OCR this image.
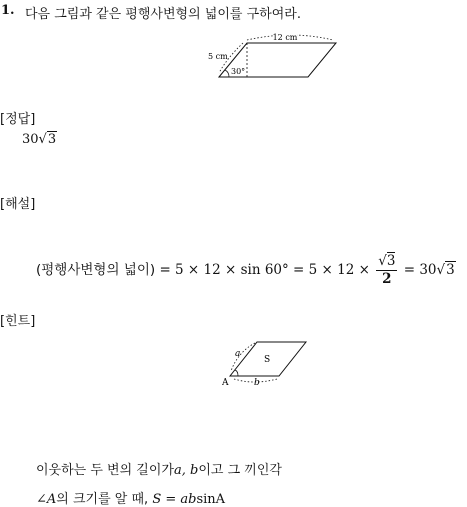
1. 다음 그림과 같은 평행사변형의 넓이를 구하여라.
12 cm
5 cm
30°
[정답]
30√3
[해설]
(평행사변형의 넓이) = $5 \times 12 \times \sin 60^\circ = 5 \times 12 \times \frac{√3}{2} = 30√3$
[힌트]
a
S
A	b
이웃하는 두 변의 길이가a, b이고 그 끼인각
∠A의 크기를 알 때, S = absinA
